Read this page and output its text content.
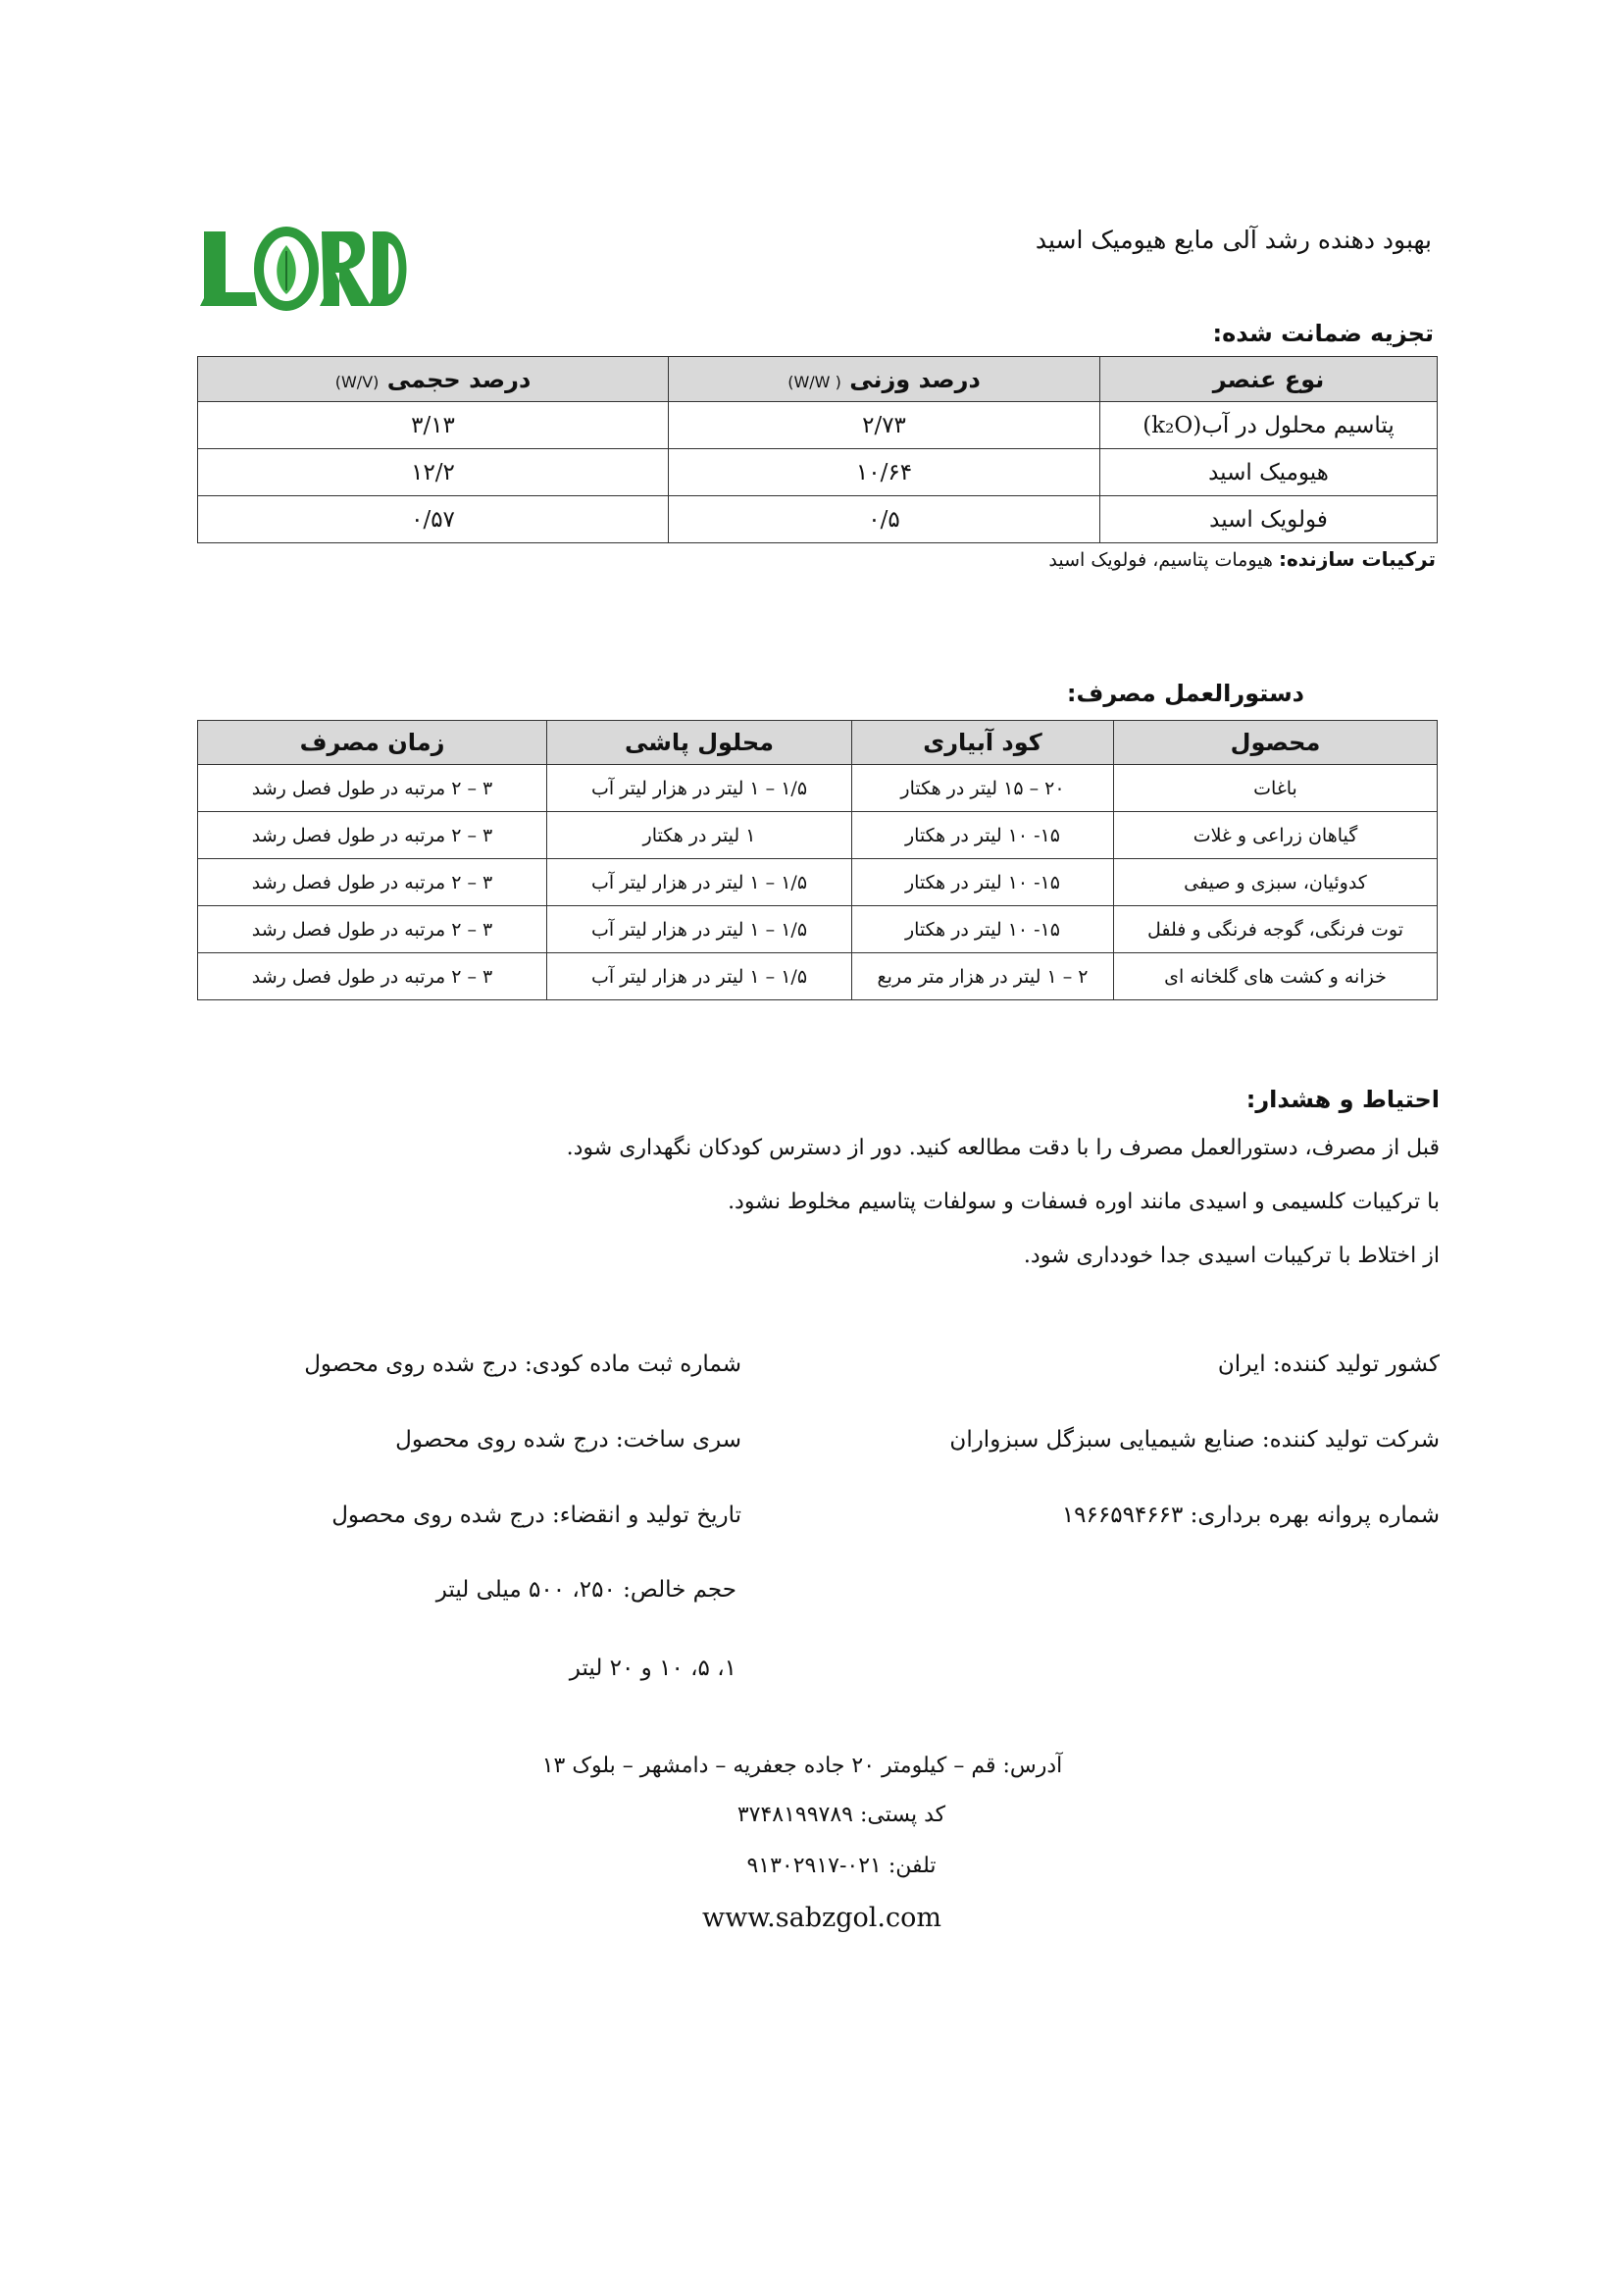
بهبود دهنده رشد آلی مایع هیومیک اسید
تجزیه ضمانت شده:
نوع عنصر	درصد وزنی ( W/W)	درصد حجمی (W/V)
پتاسیم محلول در آب(k₂O)	۲/۷۳	۳/۱۳
هیومیک اسید	۱۰/۶۴	۱۲/۲
فولویک اسید	۰/۵	۰/۵۷
ترکیبات سازنده: هیومات پتاسیم، فولویک اسید
دستورالعمل مصرف:
محصول	کود آبیاری	محلول پاشی	زمان مصرف
باغات	۲۰ – ۱۵ لیتر در هکتار	۱/۵ – ۱ لیتر در هزار لیتر آب	۳ – ۲ مرتبه در طول فصل رشد
گیاهان زراعی و غلات	۱۵- ۱۰ لیتر در هکتار	۱ لیتر در هکتار	۳ – ۲ مرتبه در طول فصل رشد
کدوئیان، سبزی و صیفی	۱۵- ۱۰ لیتر در هکتار	۱/۵ – ۱ لیتر در هزار لیتر آب	۳ – ۲ مرتبه در طول فصل رشد
توت فرنگی، گوجه فرنگی و فلفل	۱۵- ۱۰ لیتر در هکتار	۱/۵ – ۱ لیتر در هزار لیتر آب	۳ – ۲ مرتبه در طول فصل رشد
خزانه و کشت های گلخانه ای	۲ – ۱ لیتر در هزار متر مربع	۱/۵ – ۱ لیتر در هزار لیتر آب	۳ – ۲ مرتبه در طول فصل رشد
احتیاط و هشدار:
قبل از مصرف، دستورالعمل مصرف را با دقت مطالعه کنید. دور از دسترس کودکان نگهداری شود.
با ترکیبات کلسیمی و اسیدی مانند اوره فسفات و سولفات پتاسیم مخلوط نشود.
از اختلاط با ترکیبات اسیدی جدا خودداری شود.
کشور تولید کننده: ایران
شرکت تولید کننده: صنایع شیمیایی سبزگل سبزواران
شماره پروانه بهره برداری: ۱۹۶۶۵۹۴۶۶۳
شماره ثبت ماده کودی: درج شده روی محصول
سری ساخت: درج شده روی محصول
تاریخ تولید و انقضاء: درج شده روی محصول
حجم خالص: ۲۵۰، ۵۰۰ میلی لیتر
۱، ۵، ۱۰ و ۲۰ لیتر
آدرس: قم – کیلومتر ۲۰ جاده جعفریه – دامشهر – بلوک ۱۳
کد پستی: ۳۷۴۸۱۹۹۷۸۹
تلفن: ۰۲۱-۹۱۳۰۲۹۱۷
www.sabzgol.com
